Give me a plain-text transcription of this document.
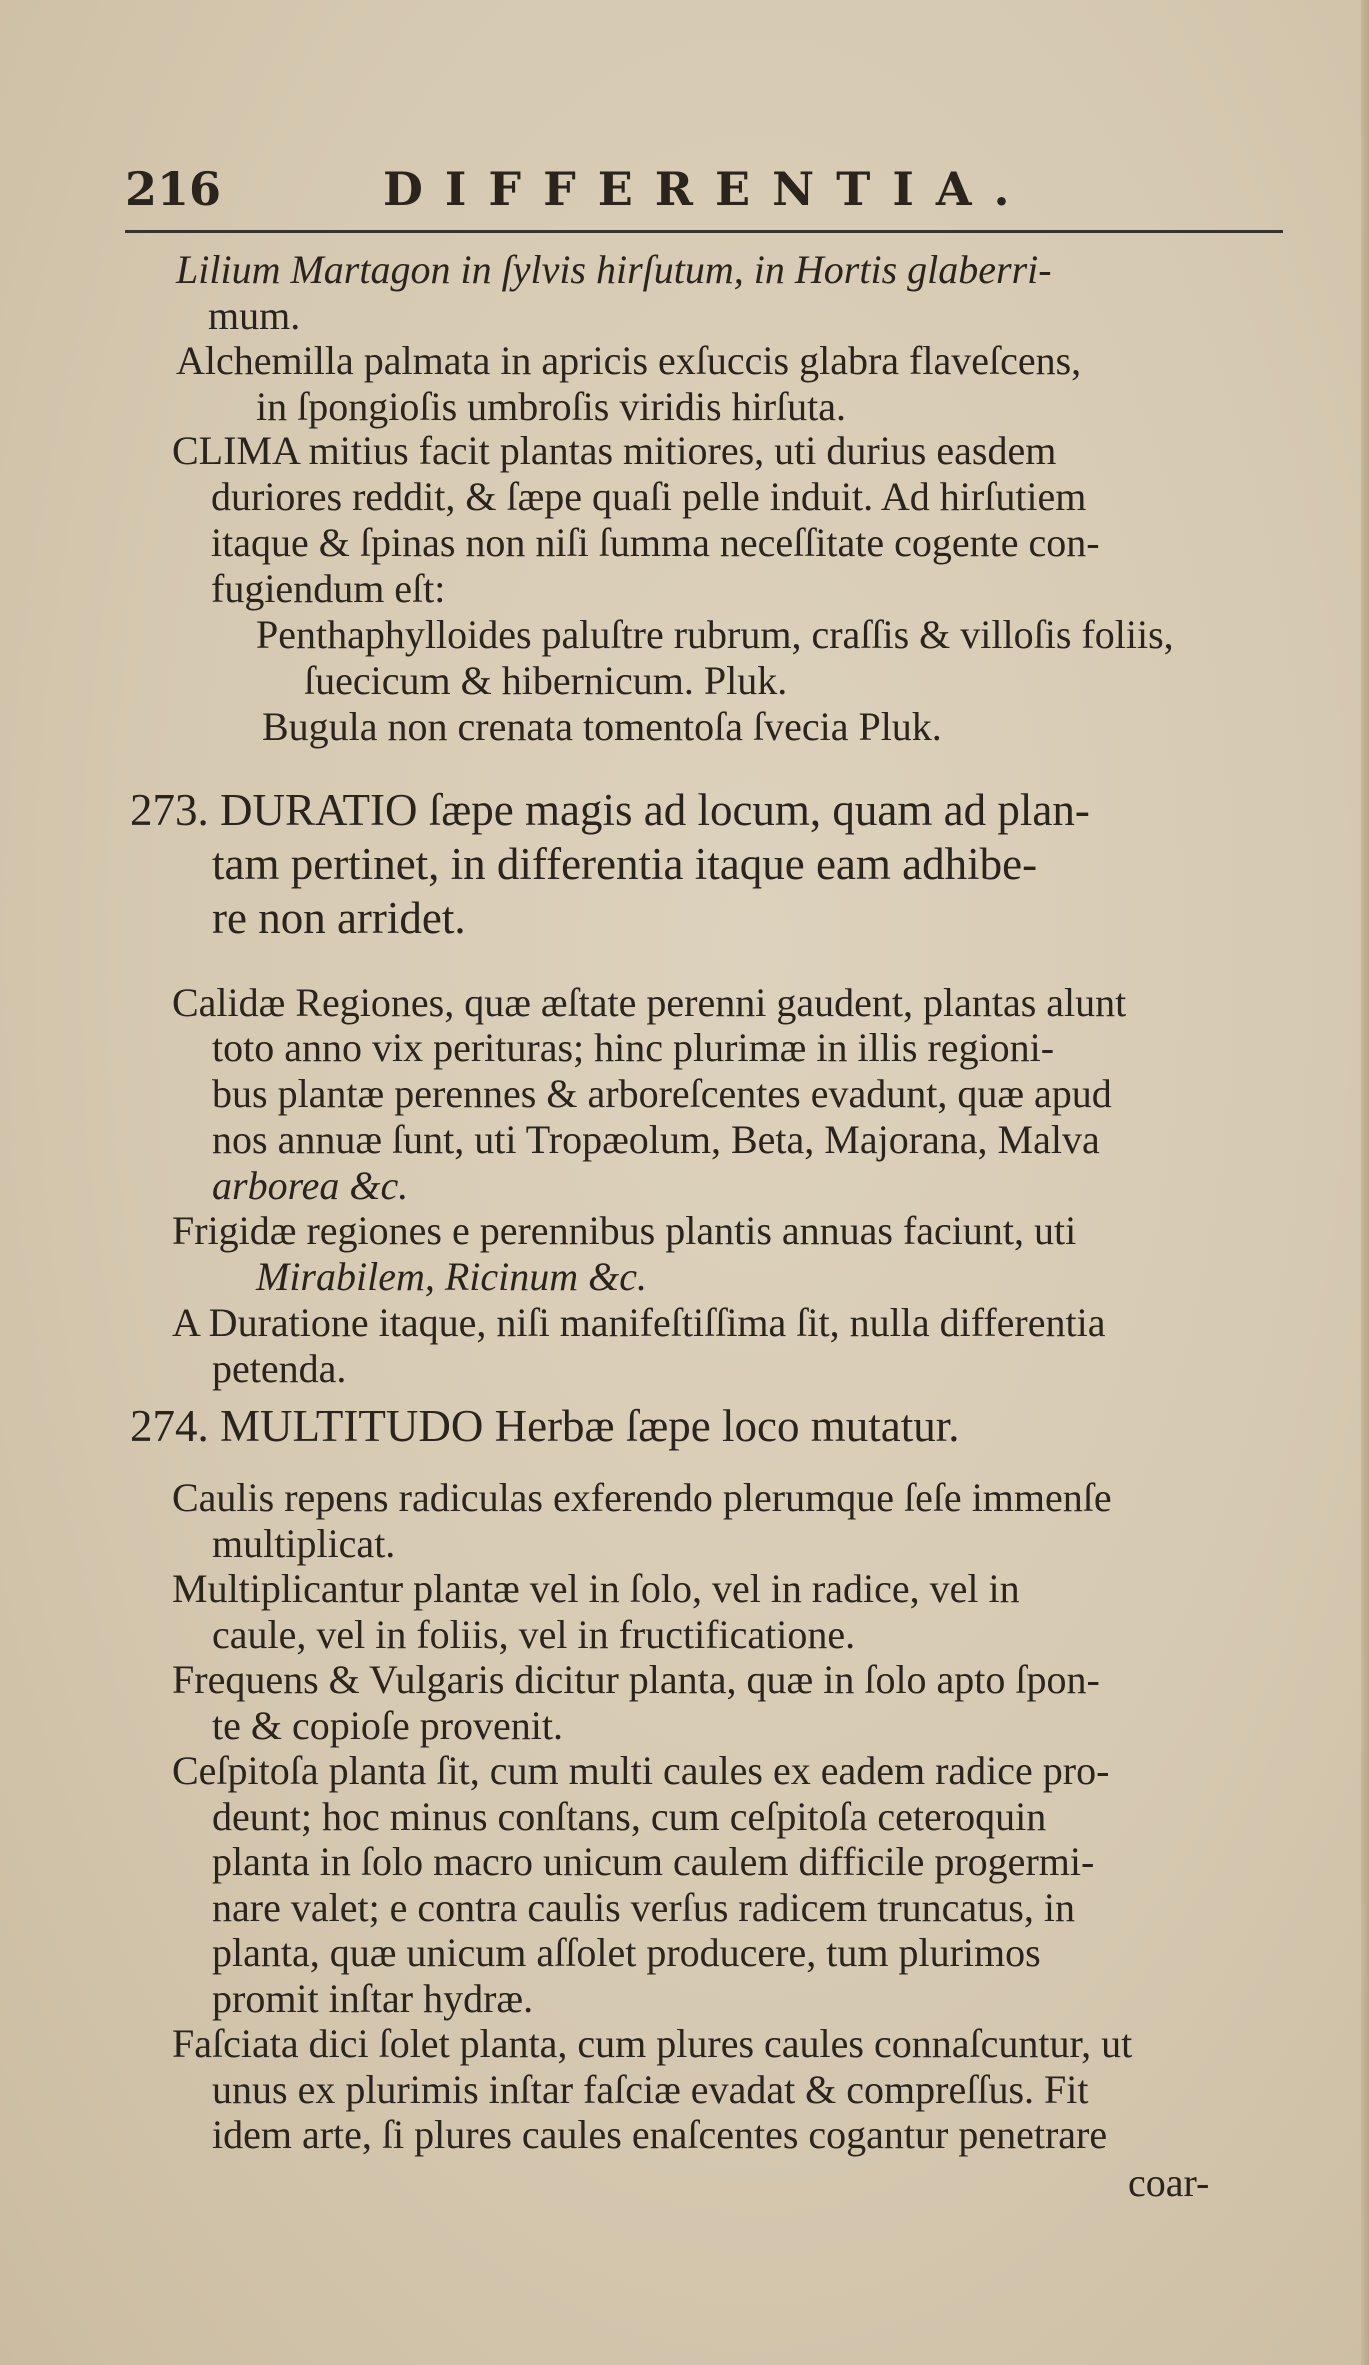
216	DIFFERENTIA.
Lilium Martagon in ſylvis hirſutum, in Hortis glaberri-
mum.
Alchemilla palmata in apricis exſuccis glabra flaveſcens,
in ſpongioſis umbroſis viridis hirſuta.
CLIMA mitius facit plantas mitiores, uti durius easdem
duriores reddit, & ſæpe quaſi pelle induit. Ad hirſutiem
itaque & ſpinas non niſi ſumma neceſſitate cogente con-
fugiendum eſt:
Penthaphylloides paluſtre rubrum, craſſis & villoſis foliis,
ſuecicum & hibernicum. Pluk.
Bugula non crenata tomentoſa ſvecia Pluk.
273. DURATIO ſæpe magis ad locum, quam ad plan-
tam pertinet, in differentia itaque eam adhibe-
re non arridet.
Calidæ Regiones, quæ æſtate perenni gaudent, plantas alunt
toto anno vix perituras; hinc plurimæ in illis regioni-
bus plantæ perennes & arboreſcentes evadunt, quæ apud
nos annuæ ſunt, uti Tropæolum, Beta, Majorana, Malva
arborea &c.
Frigidæ regiones e perennibus plantis annuas faciunt, uti
Mirabilem, Ricinum &c.
A Duratione itaque, niſi manifeſtiſſima ſit, nulla differentia
petenda.
274. MULTITUDO Herbæ ſæpe loco mutatur.
Caulis repens radiculas exferendo plerumque ſeſe immenſe
multiplicat.
Multiplicantur plantæ vel in ſolo, vel in radice, vel in
caule, vel in foliis, vel in fructificatione.
Frequens & Vulgaris dicitur planta, quæ in ſolo apto ſpon-
te & copioſe provenit.
Ceſpitoſa planta ſit, cum multi caules ex eadem radice pro-
deunt; hoc minus conſtans, cum ceſpitoſa ceteroquin
planta in ſolo macro unicum caulem difficile progermi-
nare valet; e contra caulis verſus radicem truncatus, in
planta, quæ unicum aſſolet producere, tum plurimos
promit inſtar hydræ.
Faſciata dici ſolet planta, cum plures caules connaſcuntur, ut
unus ex plurimis inſtar faſciæ evadat & compreſſus. Fit
idem arte, ſi plures caules enaſcentes cogantur penetrare
coar-
